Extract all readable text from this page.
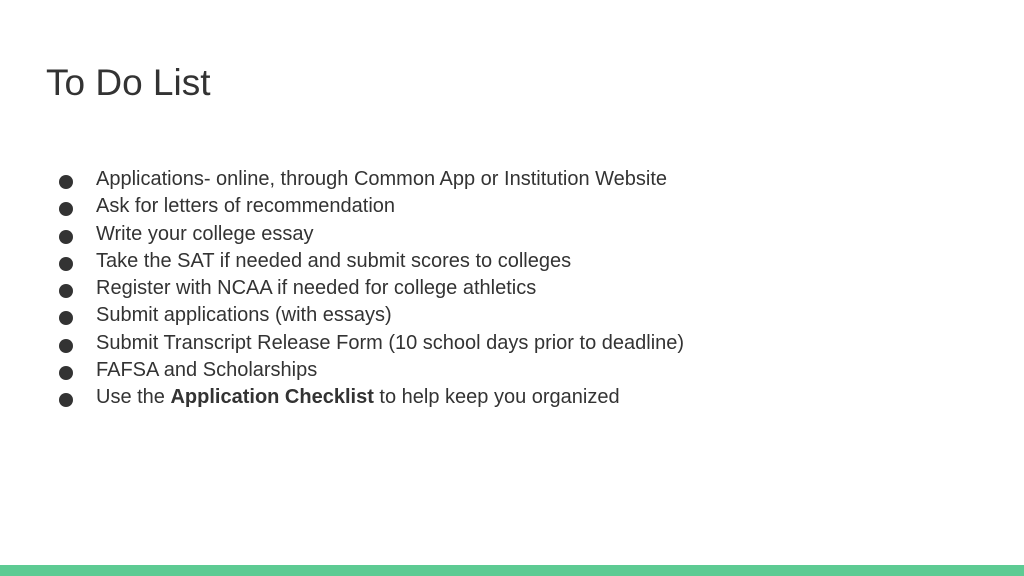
To Do List
Applications- online, through Common App or Institution Website
Ask for letters of recommendation
Write your college essay
Take the SAT if needed and submit scores to colleges
Register with NCAA if needed for college athletics
Submit applications (with essays)
Submit Transcript Release Form (10 school days prior to deadline)
FAFSA and Scholarships
Use the Application Checklist to help keep you organized
